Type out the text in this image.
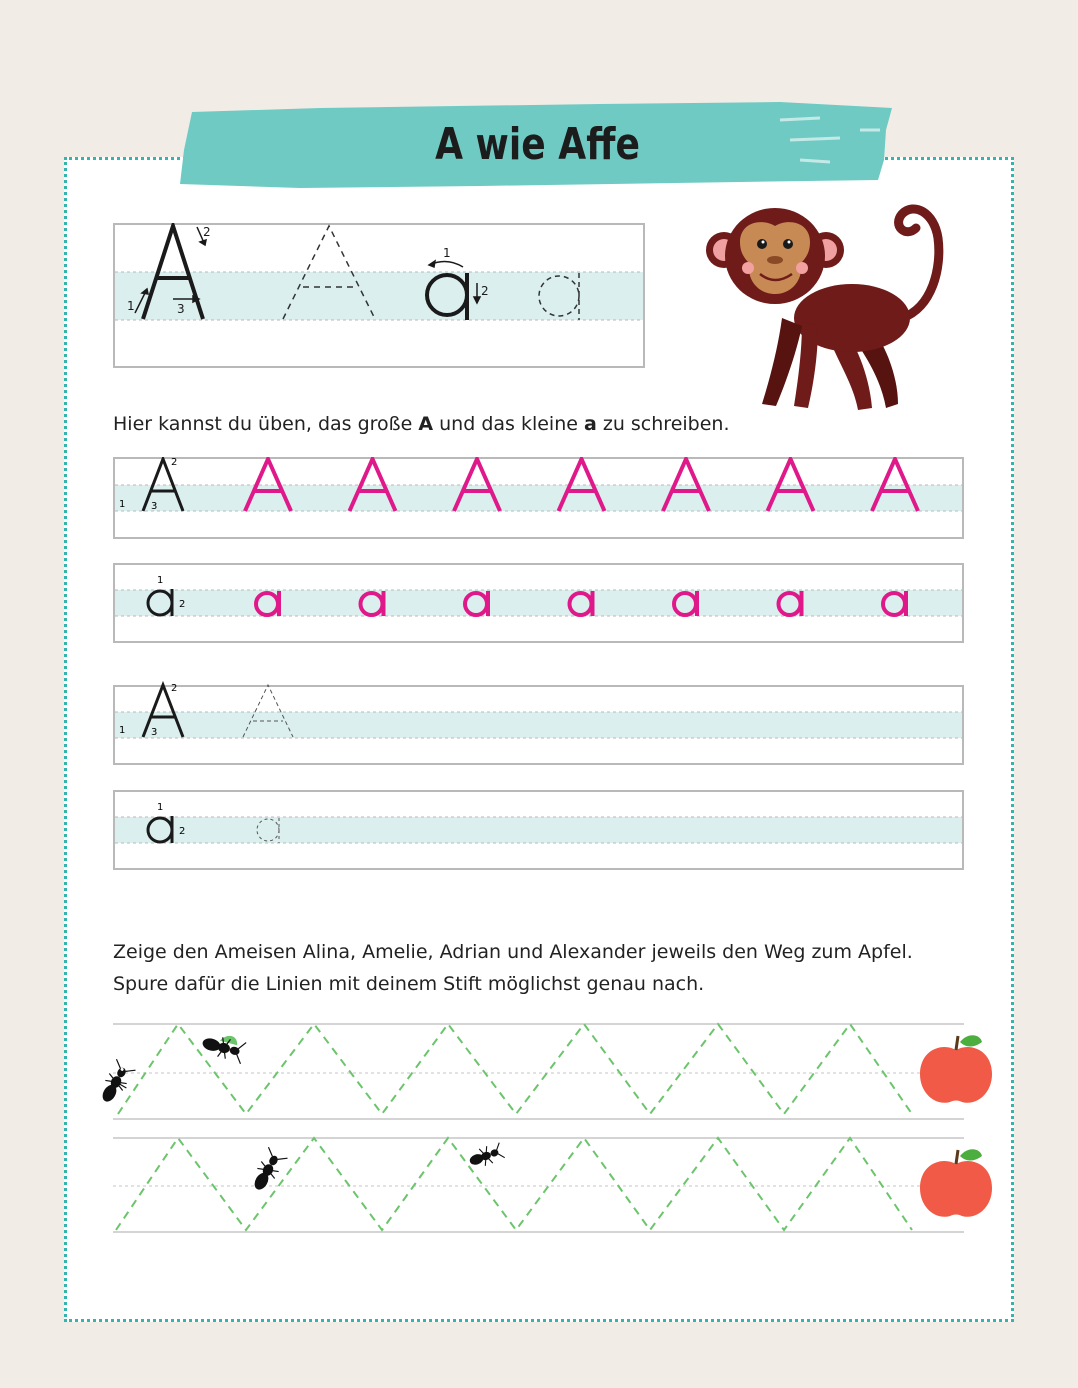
A wie Affe
1
2
3
1
2
Hier kannst du üben, das große A und das kleine a zu schreiben.
1
2
3
1
2
1
2
3
1
2
Zeige den Ameisen Alina, Amelie, Adrian und Alexander jeweils den Weg zum Apfel.
Spure dafür die Linien mit deinem Stift möglichst genau nach.
